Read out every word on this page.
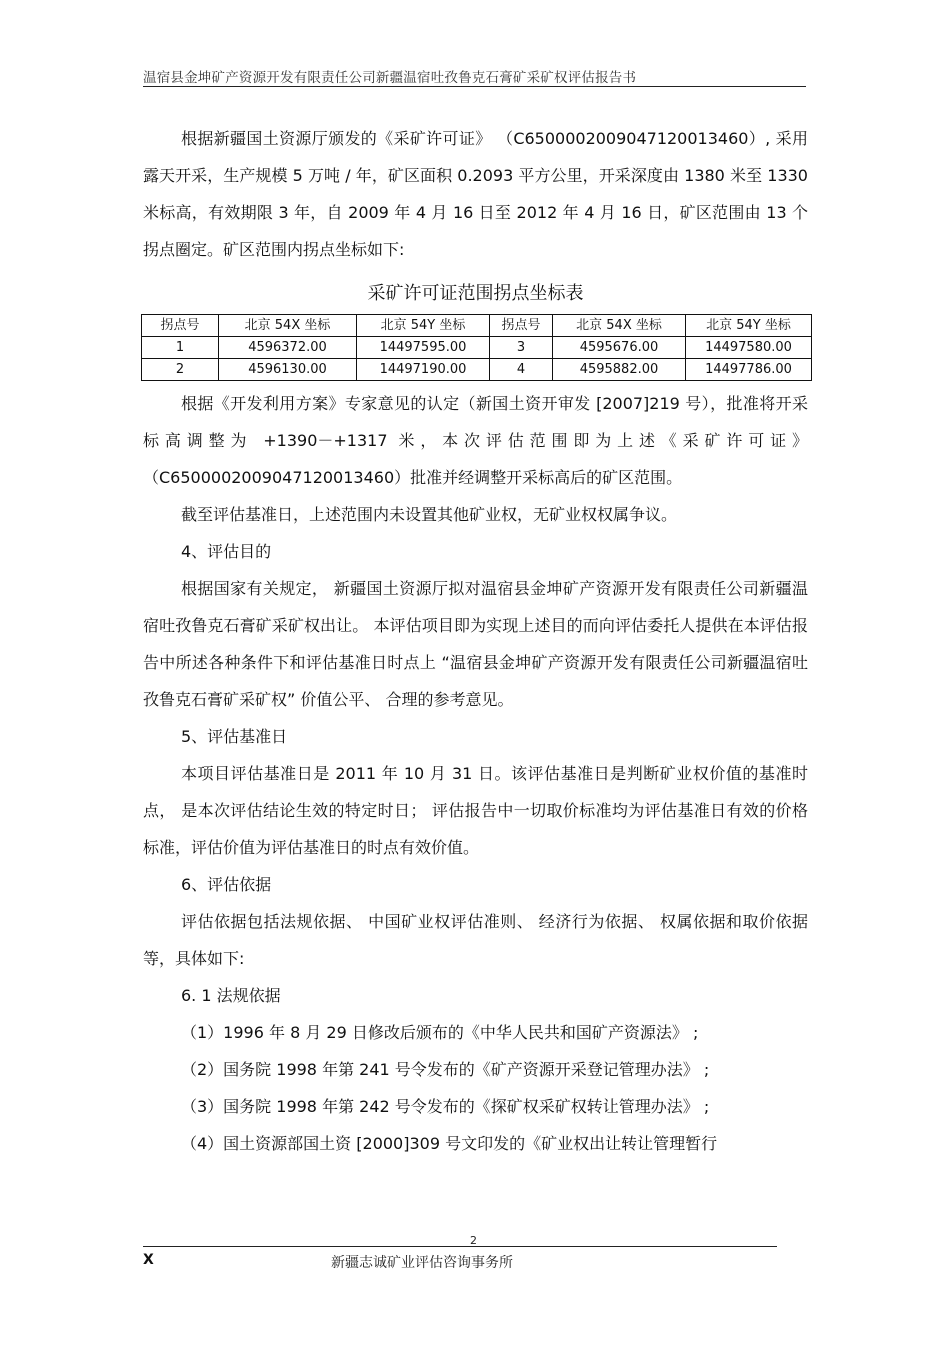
温宿县金坤矿产资源开发有限责任公司新疆温宿吐孜鲁克石膏矿采矿权评估报告书

根据新疆国土资源厅颁发的《采矿许可证》 （C6500002009047120013460）, 采用露天开采，生产规模 5 万吨 / 年，矿区面积 0.2093 平方公里，开采深度由 1380 米至 1330 米标高，有效期限 3 年，自 2009 年 4 月 16 日至 2012 年 4 月 16 日，矿区范围由 13 个拐点圈定。矿区范围内拐点坐标如下:

采矿许可证范围拐点坐标表
拐点号	北京 54X 坐标	北京 54Y 坐标	拐点号	北京 54X 坐标	北京 54Y 坐标
1	4596372.00	14497595.00	3	4595676.00	14497580.00
2	4596130.00	14497190.00	4	4595882.00	14497786.00

根据《开发利用方案》专家意见的认定（新国土资开审发 [2007]219 号），批准将开采标高调整为 +1390－+1317 米，本次评估范围即为上述《采矿许可证》（C6500002009047120013460）批准并经调整开采标高后的矿区范围。

截至评估基准日，上述范围内未设置其他矿业权，无矿业权权属争议。

4、评估目的

根据国家有关规定， 新疆国土资源厅拟对温宿县金坤矿产资源开发有限责任公司新疆温宿吐孜鲁克石膏矿采矿权出让。 本评估项目即为实现上述目的而向评估委托人提供在本评估报告中所述各种条件下和评估基准日时点上 “温宿县金坤矿产资源开发有限责任公司新疆温宿吐孜鲁克石膏矿采矿权” 价值公平、 合理的参考意见。

5、评估基准日

本项目评估基准日是 2011 年 10 月 31 日。该评估基准日是判断矿业权价值的基准时点， 是本次评估结论生效的特定时日； 评估报告中一切取价标准均为评估基准日有效的价格标准，评估价值为评估基准日的时点有效价值。

6、评估依据

评估依据包括法规依据、 中国矿业权评估准则、 经济行为依据、 权属依据和取价依据等，具体如下:

6. 1 法规依据

（1）1996 年 8 月 29 日修改后颁布的《中华人民共和国矿产资源法》 ;

（2）国务院 1998 年第 241 号令发布的《矿产资源开采登记管理办法》 ;

（3）国务院 1998 年第 242 号令发布的《探矿权采矿权转让管理办法》 ;

（4）国土资源部国土资 [2000]309 号文印发的《矿业权出让转让管理暂行

2
X	新疆志诚矿业评估咨询事务所
